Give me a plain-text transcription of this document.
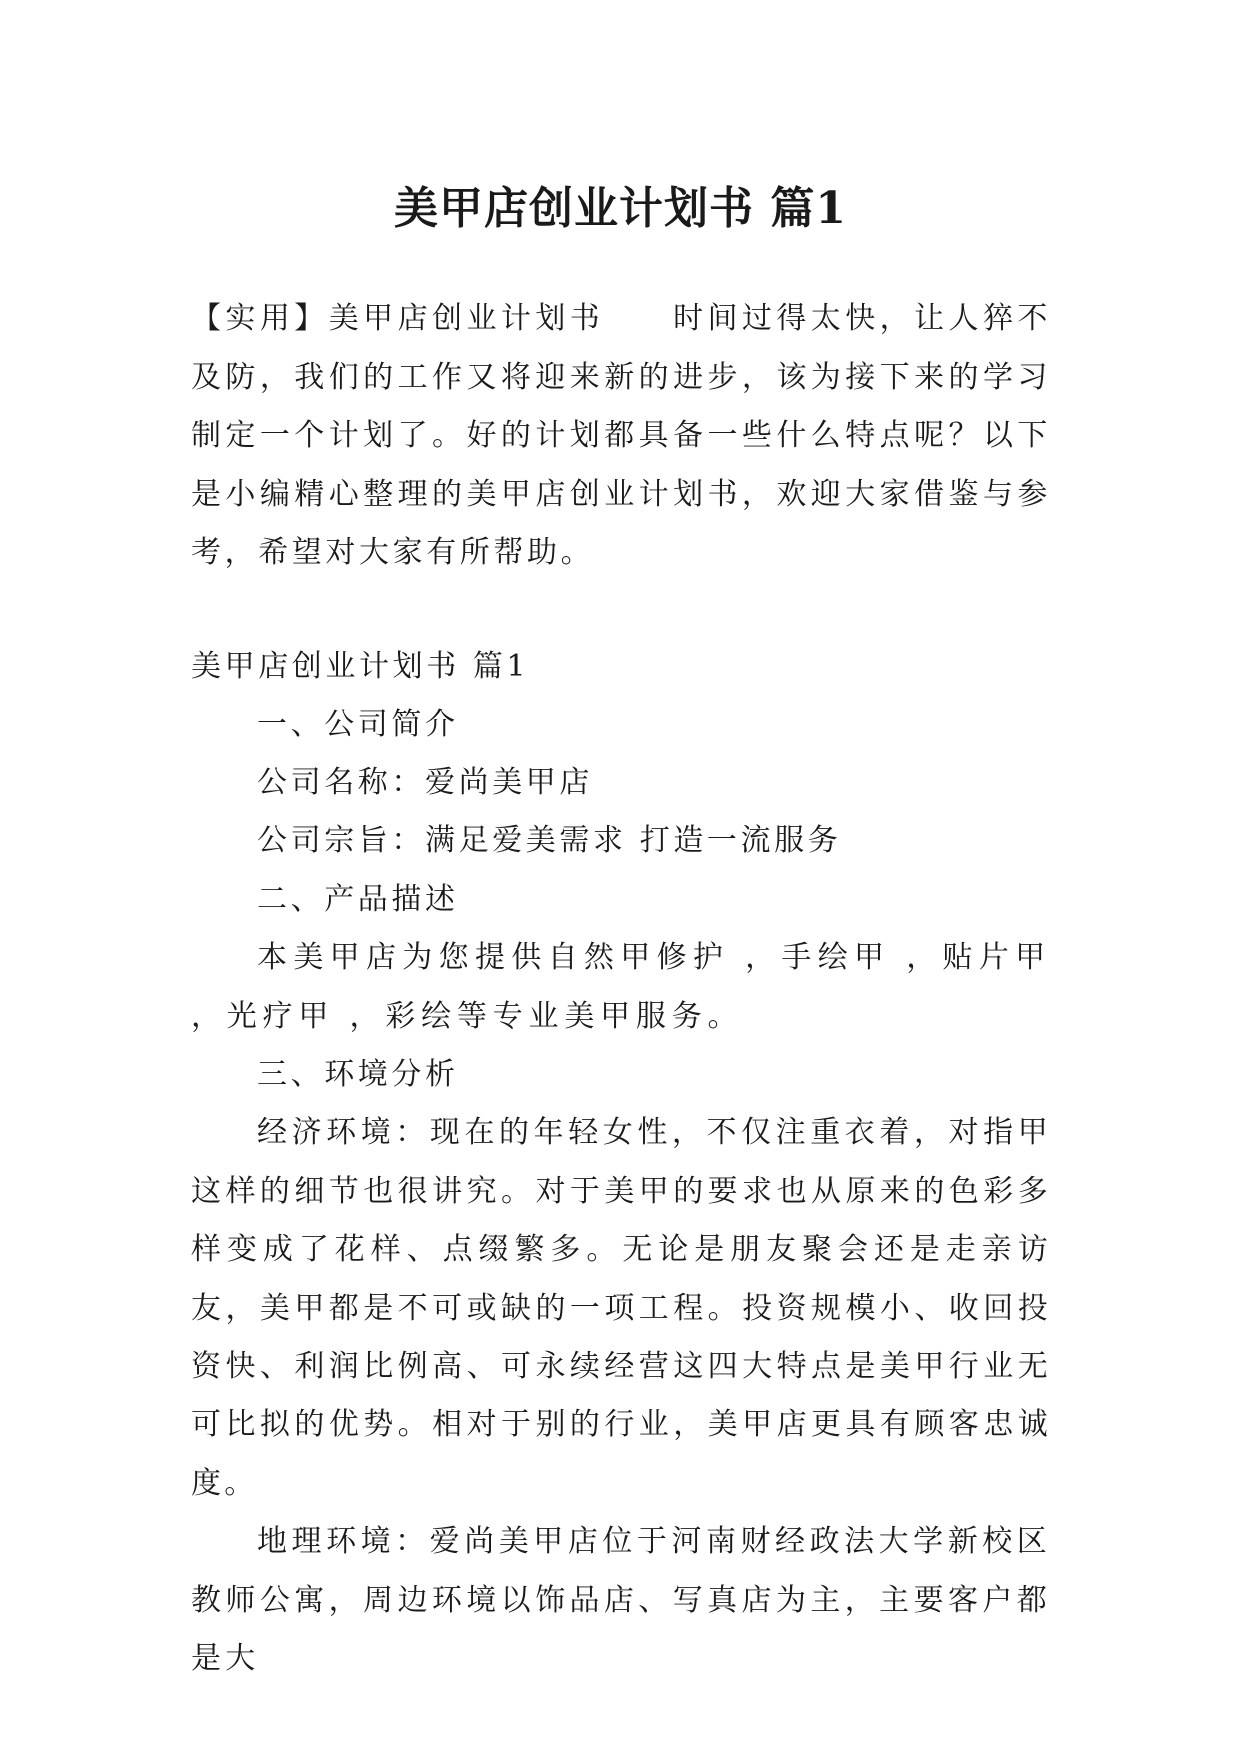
美甲店创业计划书 篇1

【实用】美甲店创业计划书　　时间过得太快，让人猝不及防，我们的工作又将迎来新的进步，该为接下来的学习制定一个计划了。好的计划都具备一些什么特点呢？以下是小编精心整理的美甲店创业计划书，欢迎大家借鉴与参考，希望对大家有所帮助。

美甲店创业计划书 篇1

一、公司简介

公司名称：爱尚美甲店

公司宗旨：满足爱美需求 打造一流服务

二、产品描述

本美甲店为您提供自然甲修护 ，手绘甲 ，贴片甲 ，光疗甲 ，彩绘等专业美甲服务。

三、环境分析

经济环境：现在的年轻女性，不仅注重衣着，对指甲这样的细节也很讲究。对于美甲的要求也从原来的色彩多样变成了花样、点缀繁多。无论是朋友聚会还是走亲访友，美甲都是不可或缺的一项工程。投资规模小、收回投资快、利润比例高、可永续经营这四大特点是美甲行业无可比拟的优势。相对于别的行业，美甲店更具有顾客忠诚度。

地理环境：爱尚美甲店位于河南财经政法大学新校区教师公寓，周边环境以饰品店、写真店为主，主要客户都是大
